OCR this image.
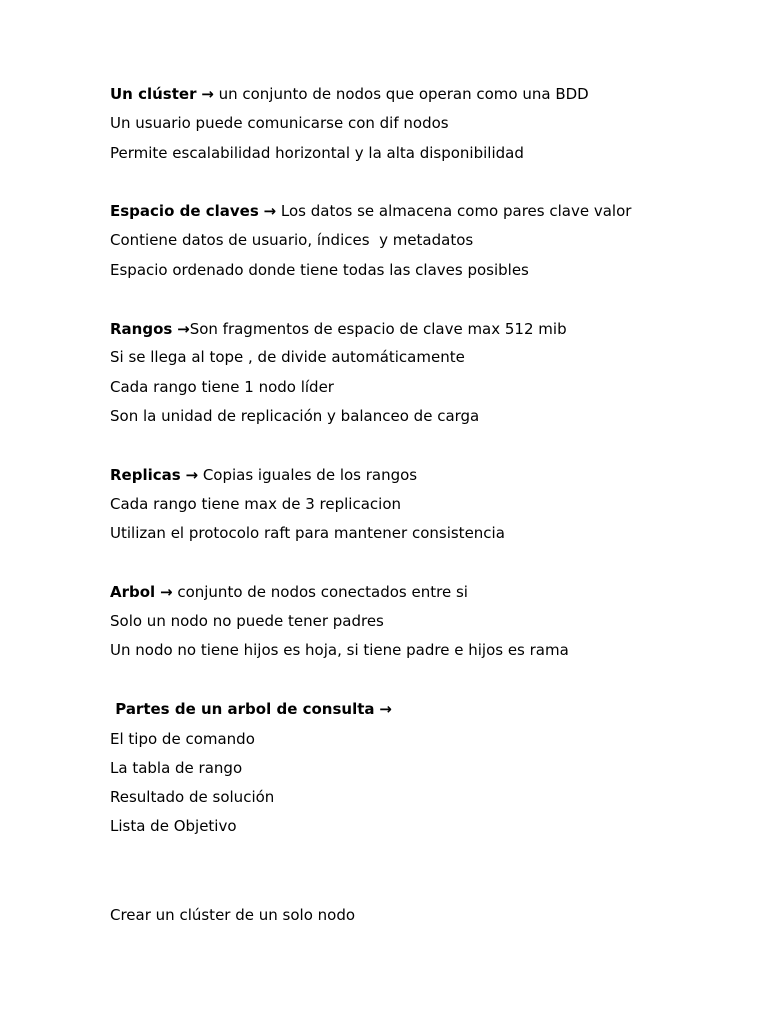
Un clúster → un conjunto de nodos que operan como una BDD
Un usuario puede comunicarse con dif nodos
Permite escalabilidad horizontal y la alta disponibilidad
Espacio de claves → Los datos se almacena como pares clave valor
Contiene datos de usuario, índices  y metadatos
Espacio ordenado donde tiene todas las claves posibles
Rangos →Son fragmentos de espacio de clave max 512 mib
Si se llega al tope , de divide automáticamente
Cada rango tiene 1 nodo líder
Son la unidad de replicación y balanceo de carga
Replicas → Copias iguales de los rangos
Cada rango tiene max de 3 replicacion
Utilizan el protocolo raft para mantener consistencia
Arbol → conjunto de nodos conectados entre si
Solo un nodo no puede tener padres
Un nodo no tiene hijos es hoja, si tiene padre e hijos es rama
Partes de un arbol de consulta →
El tipo de comando
La tabla de rango
Resultado de solución
Lista de Objetivo
Crear un clúster de un solo nodo
